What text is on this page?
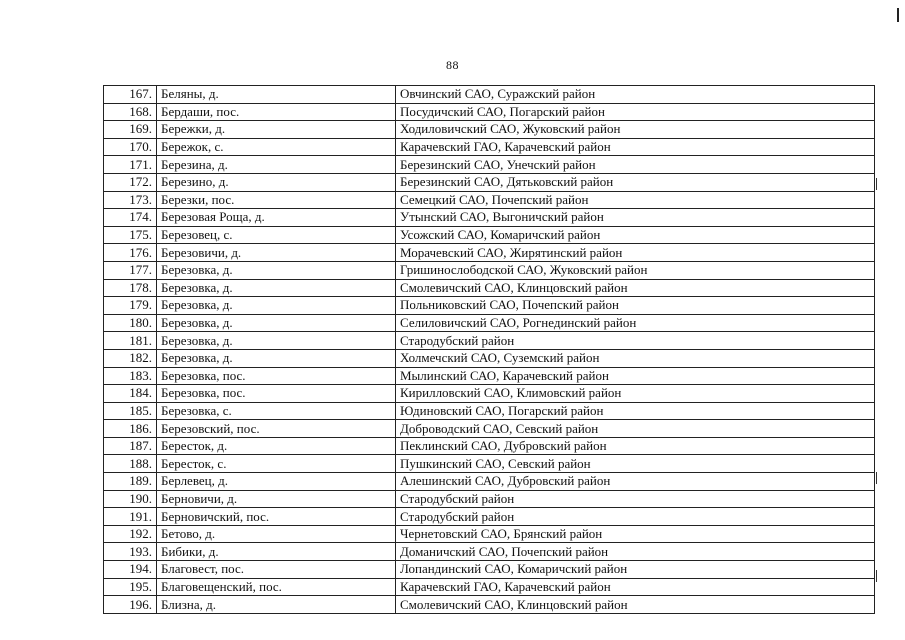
88
167.	Беляны, д.	Овчинский САО, Суражский район
168.	Бердаши, пос.	Посудичский САО, Погарский район
169.	Бережки, д.	Ходиловичский САО, Жуковский район
170.	Бережок, с.	Карачевский ГАО, Карачевский район
171.	Березина, д.	Березинский САО, Унечский район
172.	Березино, д.	Березинский САО, Дятьковский район
173.	Березки, пос.	Семецкий САО, Почепский район
174.	Березовая Роща, д.	Утынский САО, Выгоничский район
175.	Березовец, с.	Усожский САО, Комаричский район
176.	Березовичи, д.	Морачевский САО, Жирятинский район
177.	Березовка, д.	Гришинослободской САО, Жуковский район
178.	Березовка, д.	Смолевичский САО, Клинцовский район
179.	Березовка, д.	Польниковский САО, Почепский район
180.	Березовка, д.	Селиловичский САО, Рогнединский район
181.	Березовка, д.	Стародубский район
182.	Березовка, д.	Холмечский САО, Суземский район
183.	Березовка, пос.	Мылинский САО, Карачевский район
184.	Березовка, пос.	Кирилловский САО, Климовский район
185.	Березовка, с.	Юдиновский САО, Погарский район
186.	Березовский, пос.	Доброводский САО, Севский район
187.	Бересток, д.	Пеклинский САО, Дубровский район
188.	Бересток, с.	Пушкинский САО, Севский район
189.	Берлевец, д.	Алешинский САО, Дубровский район
190.	Берновичи, д.	Стародубский район
191.	Берновичский, пос.	Стародубский район
192.	Бетово, д.	Чернетовский САО, Брянский район
193.	Бибики, д.	Доманичский САО, Почепский район
194.	Благовест, пос.	Лопандинский САО, Комаричский район
195.	Благовещенский, пос.	Карачевский ГАО, Карачевский район
196.	Близна, д.	Смолевичский САО, Клинцовский район
